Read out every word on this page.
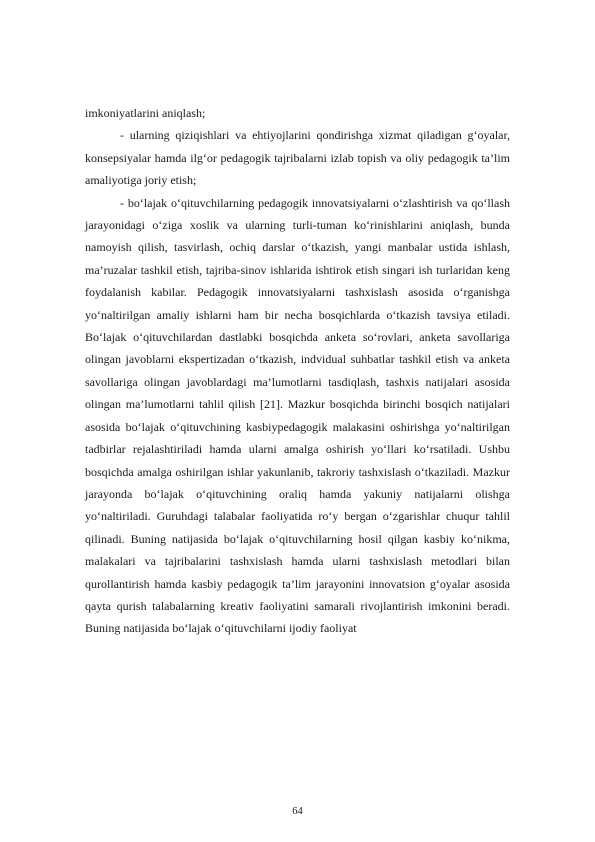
imkoniyatlarini aniqlash;

- ularning qiziqishlari va ehtiyojlarini qondirishga xizmat qiladigan g‘oyalar, konsepsiyalar hamda ilg‘or pedagogik tajribalarni izlab topish va oliy pedagogik ta’lim amaliyotiga joriy etish;

- bo‘lajak o‘qituvchilarning pedagogik innovatsiyalarni o‘zlashtirish va qo‘llash jarayonidagi o‘ziga xoslik va ularning turli-tuman ko‘rinishlarini aniqlash, bunda namoyish qilish, tasvirlash, ochiq darslar o‘tkazish, yangi manbalar ustida ishlash, ma’ruzalar tashkil etish, tajriba-sinov ishlarida ishtirok etish singari ish turlaridan keng foydalanish kabilar. Pedagogik innovatsiyalarni tashxislash asosida o‘rganishga yo‘naltirilgan amaliy ishlarni ham bir necha bosqichlarda o‘tkazish tavsiya etiladi. Bo‘lajak o‘qituvchilardan dastlabki bosqichda anketa so‘rovlari, anketa savollariga olingan javoblarni ekspertizadan o‘tkazish, indvidual suhbatlar tashkil etish va anketa savollariga olingan javoblardagi ma’lumotlarni tasdiqlash, tashxis natijalari asosida olingan ma’lumotlarni tahlil qilish [21]. Mazkur bosqichda birinchi bosqich natijalari asosida bo‘lajak o‘qituvchining kasbiypedagogik malakasini oshirishga yo‘naltirilgan tadbirlar rejalashtiriladi hamda ularni amalga oshirish yo‘llari ko‘rsatiladi. Ushbu bosqichda amalga oshirilgan ishlar yakunlanib, takroriy tashxislash o‘tkaziladi. Mazkur jarayonda bo‘lajak o‘qituvchining oraliq hamda yakuniy natijalarni olishga yo‘naltiriladi. Guruhdagi talabalar faoliyatida ro‘y bergan o‘zgarishlar chuqur tahlil qilinadi. Buning natijasida bo‘lajak o‘qituvchilarning hosil qilgan kasbiy ko‘nikma, malakalari va tajribalarini tashxislash hamda ularni tashxislash metodlari bilan qurollantirish hamda kasbiy pedagogik ta’lim jarayonini innovatsion g‘oyalar asosida qayta qurish talabalarning kreativ faoliyatini samarali rivojlantirish imkonini beradi. Buning natijasida bo‘lajak o‘qituvchilarni ijodiy faoliyat

64
